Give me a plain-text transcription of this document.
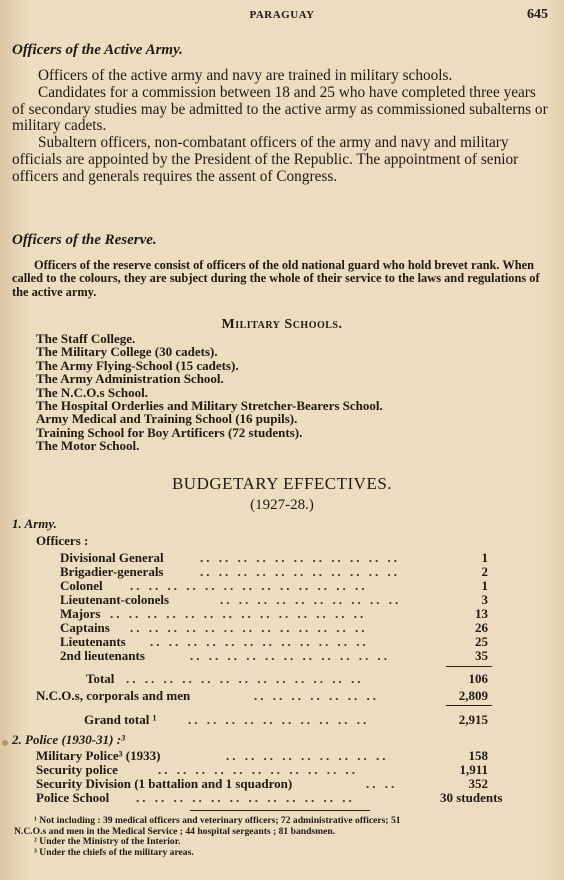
PARAGUAY	645
Officers of the Active Army.

Officers of the active army and navy are trained in military schools.

Candidates for a commission between 18 and 25 who have completed three years of secondary studies may be admitted to the active army as commissioned subalterns or military cadets.

Subaltern officers, non-combatant officers of the army and navy and military officials are appointed by the President of the Republic. The appointment of senior officers and generals requires the assent of Congress.

Officers of the Reserve.

Officers of the reserve consist of officers of the old national guard who hold brevet rank. When called to the colours, they are subject during the whole of their service to the laws and regulations of the active army.

Military Schools.
The Staff College.
The Military College (30 cadets).
The Army Flying-School (15 cadets).
The Army Administration School.
The N.C.O.s School.
The Hospital Orderlies and Military Stretcher-Bearers School.
Army Medical and Training School (16 pupils).
Training School for Boy Artificers (72 students).
The Motor School.
BUDGETARY EFFECTIVES.
(1927-28.)
1. Army.
Officers :
.. .. .. .. .. .. .. .. .. .. ..
Divisional General	1
.. .. .. .. .. .. .. .. .. .. ..
Brigadier-generals	2
.. .. .. .. .. .. .. .. .. .. .. .. ..
Colonel	1
.. .. .. .. .. .. .. .. .. ..
Lieutenant-colonels	3
.. .. .. .. .. .. .. .. .. .. .. .. .. ..
Majors	13
.. .. .. .. .. .. .. .. .. .. .. .. ..
Captains	26
.. .. .. .. .. .. .. .. .. .. .. ..
Lieutenants	25
.. .. .. .. .. .. .. .. .. .. ..
2nd lieutenants	35
.. .. .. .. .. .. .. .. .. .. .. .. ..
Total	106
.. .. .. .. .. .. ..
N.C.O.s, corporals and men	2,809
.. .. .. .. .. .. .. .. .. ..
Grand total ¹	2,915
2. Police (1930-31) :³
.. .. .. .. .. .. .. .. ..
Military Police³ (1933)	158
.. .. .. .. .. .. .. .. .. .. ..
Security police	1,911
.. ..
Security Division (1 battalion and 1 squadron)	352
.. .. .. .. .. .. .. .. .. .. .. ..
Police School	30 students
¹ Not including : 39 medical officers and veterinary officers; 72 administrative officers; 51
N.C.O.s and men in the Medical Service ; 44 hospital sergeants ; 81 bandsmen.
² Under the Ministry of the Interior.
³ Under the chiefs of the military areas.
